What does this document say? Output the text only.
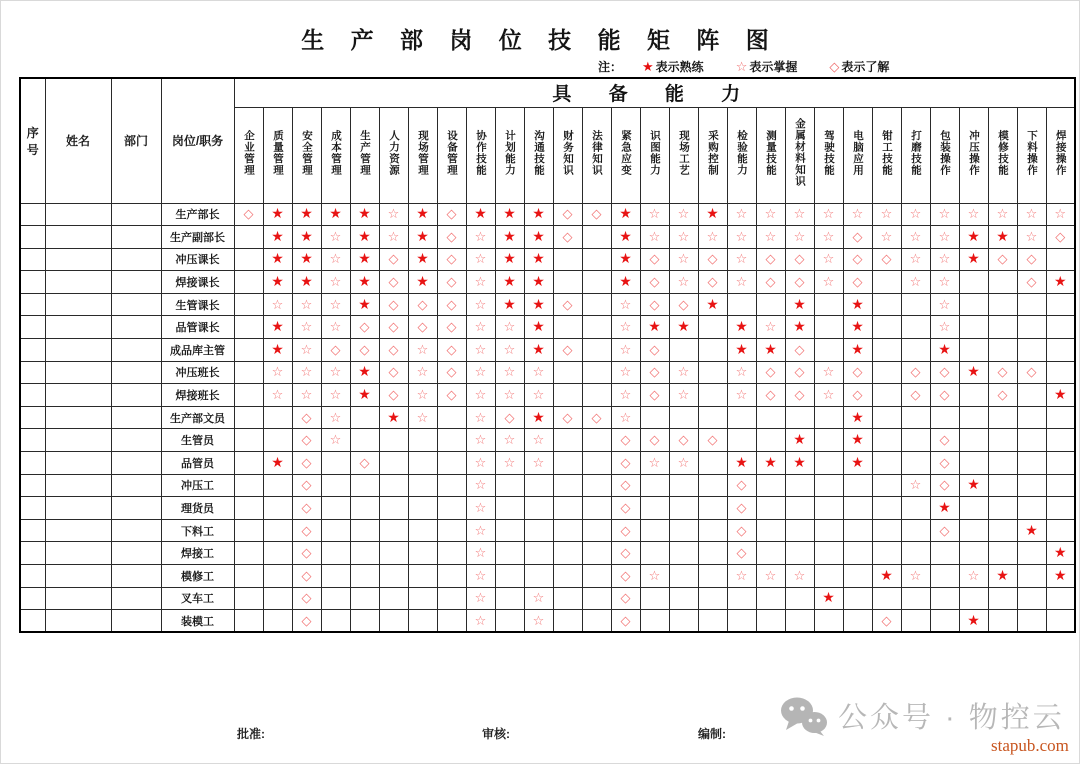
生 产 部 岗 位 技 能 矩 阵 图
注： ★ 表示熟练 ☆ 表示掌握 ◇ 表示了解
序号	姓名	部门	岗位/职务	具 备 能 力																												
				企业管理	质量管理	安全管理	成本管理	生产管理	人力资源	现场管理	设备管理	协作技能	计划能力	沟通技能	财务知识	法律知识	紧急应变	识图能力	现场工艺	采购控制	检验能力	测量技能	金属材料知识	驾驶技能	电脑应用	钳工技能	打磨技能	包装操作	冲压操作	模修技能	下料操作	焊接操作
			生产部长	◇	★	★	★	★	☆	★	◇	★	★	★	◇	◇	★	☆	☆	★	☆	☆	☆	☆	☆	☆	☆	☆	☆	☆	☆	☆
			生产副部长		★	★	☆	★	☆	★	◇	☆	★	★	◇		★	☆	☆	☆	☆	☆	☆	☆	◇	☆	☆	☆	★	★	☆	◇
			冲压课长		★	★	☆	★	◇	★	◇	☆	★	★			★	◇	☆	◇	☆	◇	◇	☆	◇	◇	☆	☆	★	◇	◇	
			焊接课长		★	★	☆	★	◇	★	◇	☆	★	★			★	◇	☆	◇	☆	◇	◇	☆	◇		☆	☆			◇	★
			生管课长		☆	☆	☆	★	◇	◇	◇	☆	★	★	◇		☆	◇	◇	★			★		★			☆				
			品管课长		★	☆	☆	◇	◇	◇	◇	☆	☆	★			☆	★	★		★	☆	★		★			☆				
			成品库主管		★	☆	◇	◇	◇	☆	◇	☆	☆	★	◇		☆	◇			★	★	◇		★			★				
			冲压班长		☆	☆	☆	★	◇	☆	◇	☆	☆	☆			☆	◇	☆		☆	◇	◇	☆	◇		◇	◇	★	◇	◇	
			焊接班长		☆	☆	☆	★	◇	☆	◇	☆	☆	☆			☆	◇	☆		☆	◇	◇	☆	◇		◇	◇		◇		★
			生产部文员			◇	☆		★	☆		☆	◇	★	◇	◇	☆								★							
			生管员			◇	☆					☆	☆	☆			◇	◇	◇	◇			★		★			◇				
			品管员		★	◇		◇				☆	☆	☆			◇	☆	☆		★	★	★		★			◇				
			冲压工			◇						☆					◇				◇						☆	◇	★			
			理货员			◇						☆					◇				◇							★				
			下料工			◇						☆					◇				◇							◇			★	
			焊接工			◇						☆					◇				◇											★
			模修工			◇						☆					◇	☆			☆	☆	☆			★	☆		☆	★		★
			叉车工			◇						☆		☆			◇							★								
			装模工			◇						☆		☆			◇									◇			★			
批准:	审核:	编制:	公众号 · 物控云
stapub.com
